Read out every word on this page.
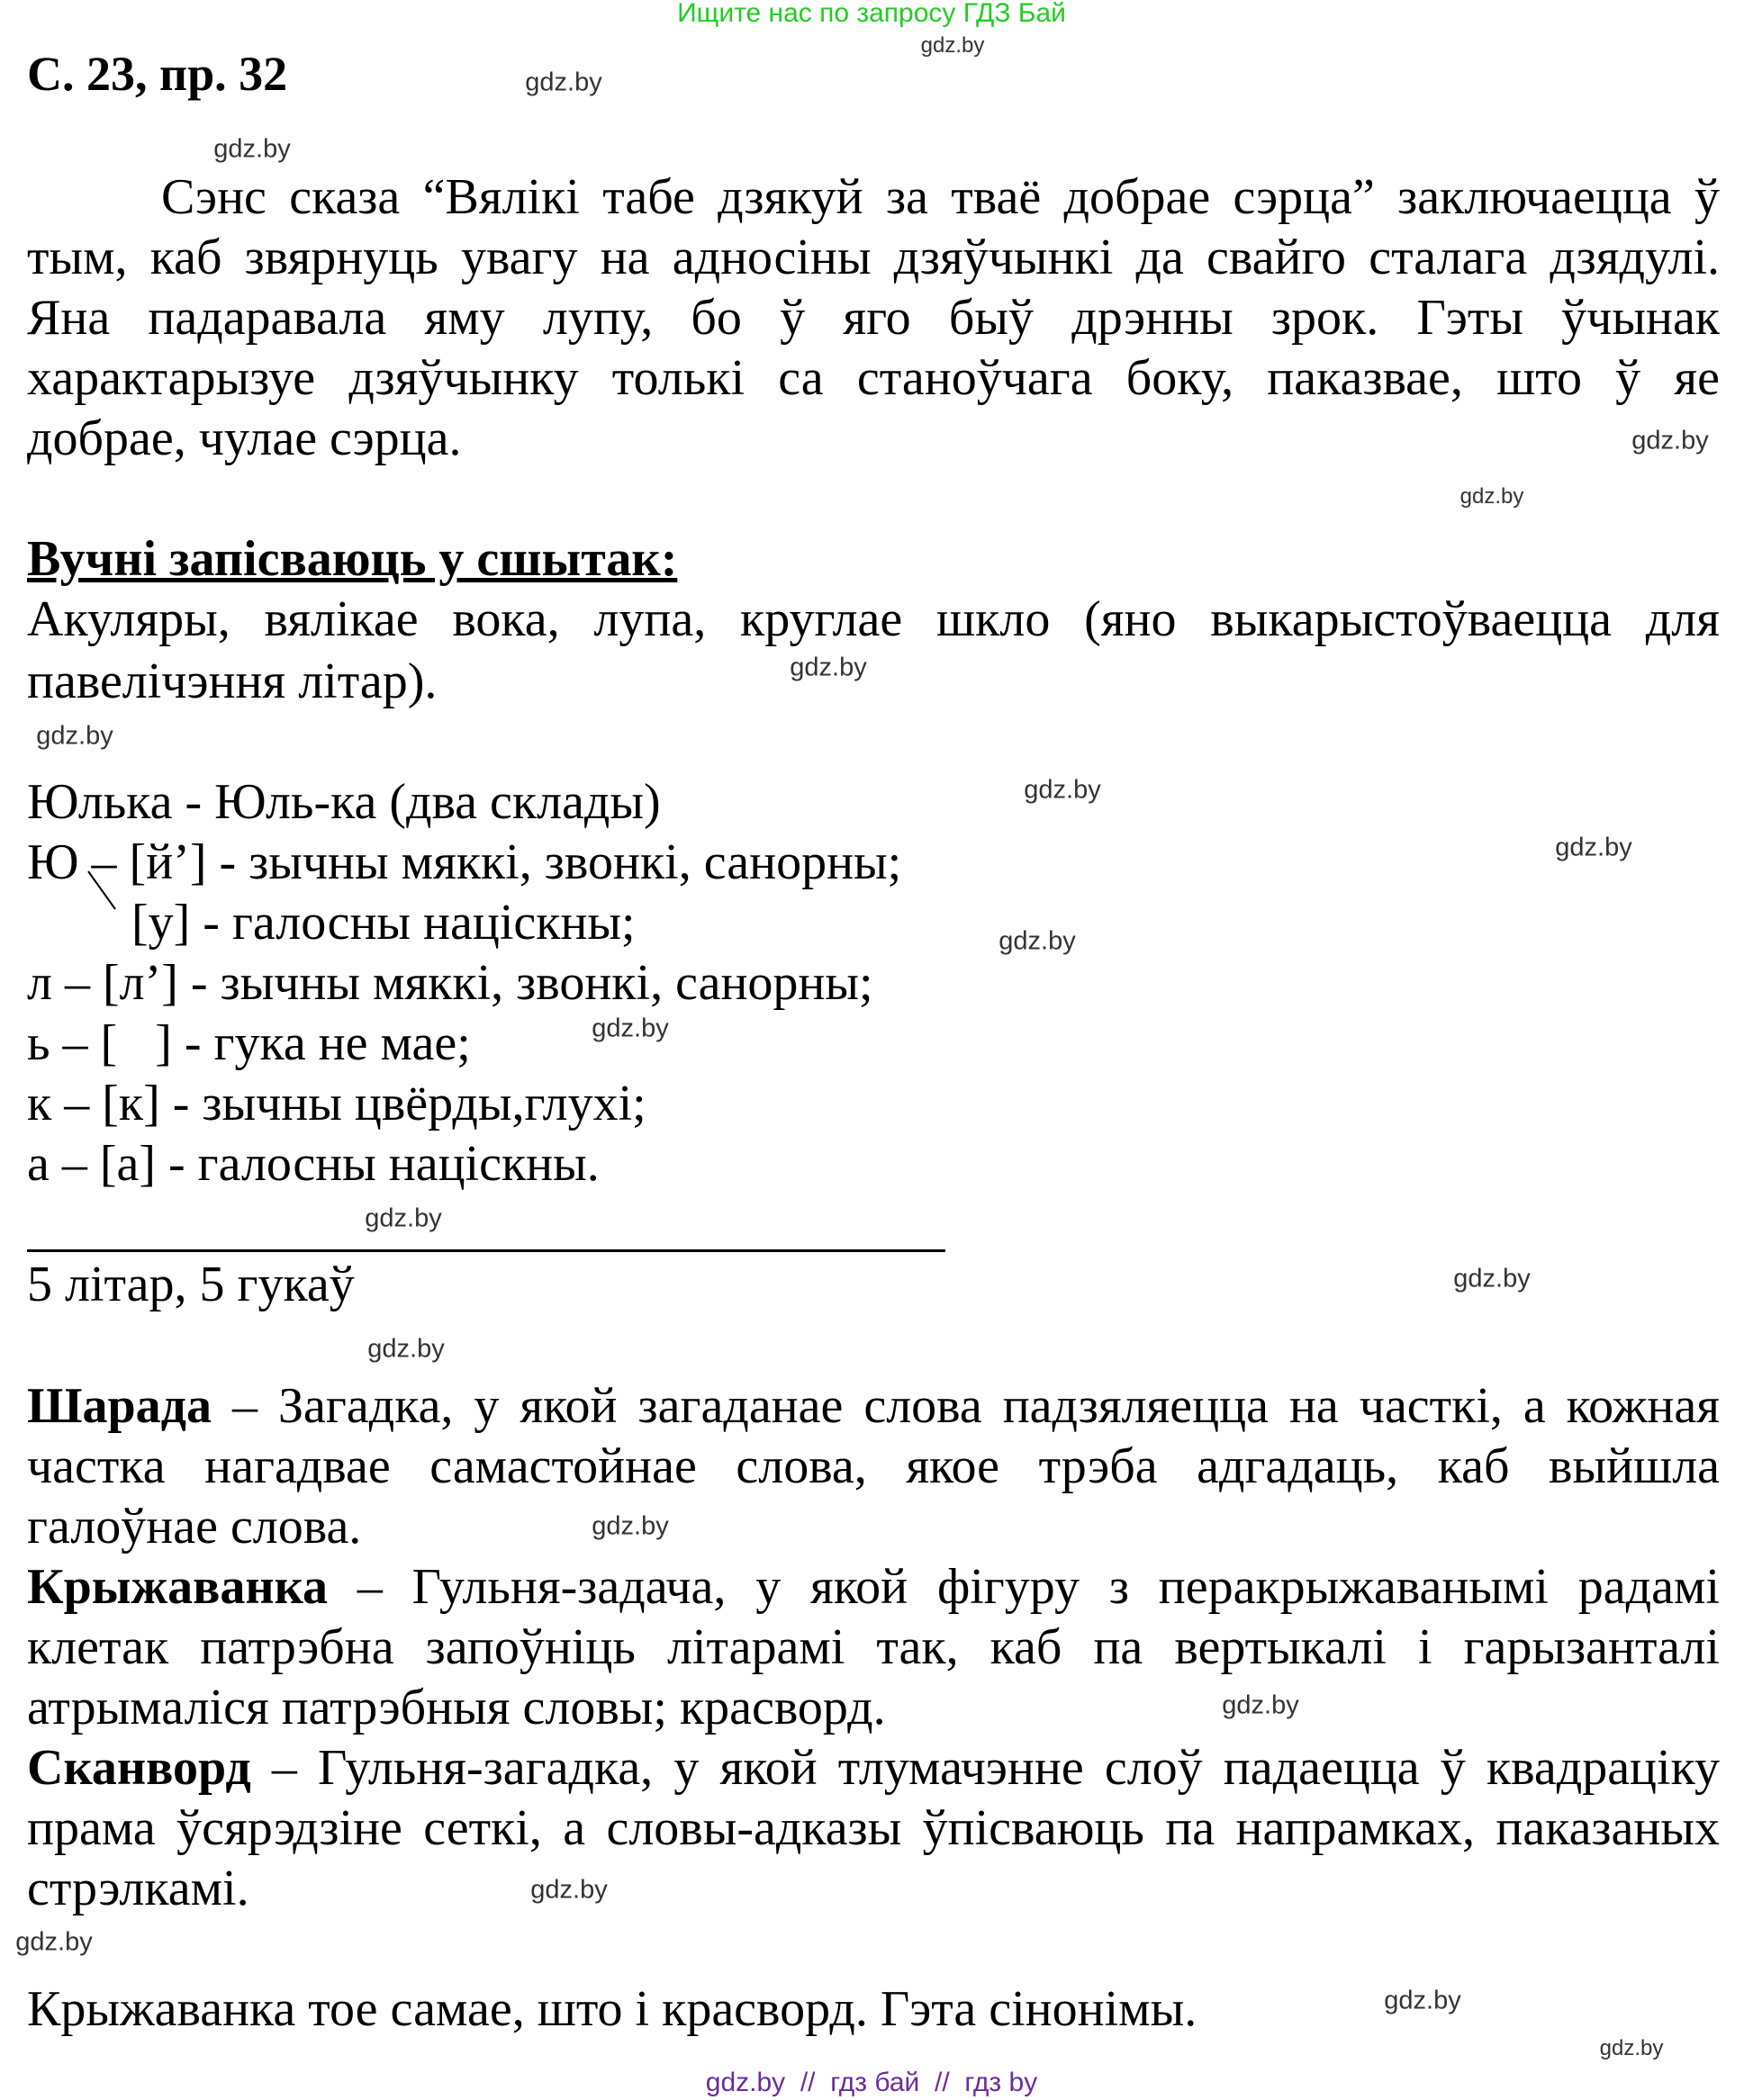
Ищите нас по запросу ГДЗ Бай
С. 23, пр. 32
Сэнс сказа “Вялікі табе дзякуй за тваё добрае сэрца” заключаецца ў
тым, каб звярнуць увагу на адносіны дзяўчынкі да свайго сталага дзядулі.
Яна падаравала яму лупу, бо ў яго быў дрэнны зрок. Гэты ўчынак
характарызуе дзяўчынку толькі са станоўчага боку, паказвае, што ў яе
добрае, чулае сэрца.
Вучні запісваюць у сшытак:
Акуляры, вялікае вока, лупа, круглае шкло (яно выкарыстоўваецца для
павелічэння літар).
Юлька - Юль-ка (два склады)
Ю – [й’] - зычны мяккі, звонкі, санорны;
[у] - галосны націскны;
л – [л’] - зычны мяккі, звонкі, санорны;
ь – [   ] - гука не мае;
к – [к] - зычны цвёрды,глухі;
а – [а] - галосны націскны.
5 літар, 5 гукаў
Шарада – Загадка, у якой загаданае слова падзяляецца на часткі, а кожная
частка нагадвае самастойнае слова, якое трэба адгадаць, каб выйшла
галоўнае слова.
Крыжаванка – Гульня-задача, у якой фігуру з перакрыжаванымі радамі
клетак патрэбна запоўніць літарамі так, каб па вертыкалі і гарызанталі
атрымаліся патрэбныя словы; красворд.
Сканворд – Гульня-загадка, у якой тлумачэнне слоў падаецца ў квадраціку
прама ўсярэдзіне сеткі, а словы-адказы ўпісваюць па напрамках, паказаных
стрэлкамі.
Крыжаванка тое самае, што і красворд. Гэта сінонімы.
gdz.by
gdz.by
gdz.by
gdz.by
gdz.by
gdz.by
gdz.by
gdz.by
gdz.by
gdz.by
gdz.by
gdz.by
gdz.by
gdz.by
gdz.by
gdz.by
gdz.by
gdz.by
gdz.by
gdz.by
gdz.by  //  гдз бай  //  гдз by
